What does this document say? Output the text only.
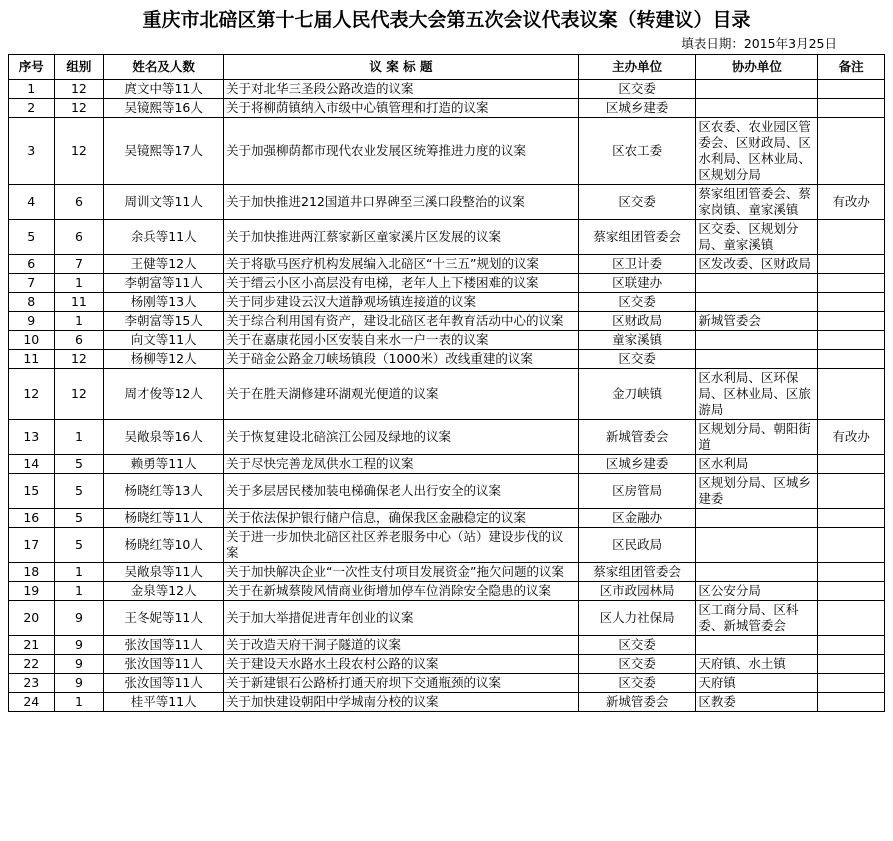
重庆市北碚区第十七届人民代表大会第五次会议代表议案（转建议）目录
填表日期：2015年3月25日
序号	组别	姓名及人数	议 案 标 题	主办单位	协办单位	备注
1	12	庹文中等11人	关于对北华三圣段公路改造的议案	区交委		
2	12	吴镜熙等16人	关于将柳荫镇纳入市级中心镇管理和打造的议案	区城乡建委		
3	12	吴镜熙等17人	关于加强柳荫都市现代农业发展区统筹推进力度的议案	区农工委	区农委、农业园区管委会、区财政局、区水利局、区林业局、区规划分局	
4	6	周训文等11人	关于加快推进212国道井口界碑至三溪口段整治的议案	区交委	蔡家组团管委会、蔡家岗镇、童家溪镇	有改办
5	6	余兵等11人	关于加快推进两江蔡家新区童家溪片区发展的议案	蔡家组团管委会	区交委、区规划分局、童家溪镇	
6	7	王健等12人	关于将歇马医疗机构发展编入北碚区“十三五”规划的议案	区卫计委	区发改委、区财政局	
7	1	李朝富等11人	关于缙云小区小高层没有电梯，老年人上下楼困难的议案	区联建办		
8	11	杨刚等13人	关于同步建设云汉大道静观场镇连接道的议案	区交委		
9	1	李朝富等15人	关于综合利用国有资产，建设北碚区老年教育活动中心的议案	区财政局	新城管委会	
10	6	向文等11人	关于在嘉康花园小区安装自来水一户一表的议案	童家溪镇		
11	12	杨柳等12人	关于碚金公路金刀峡场镇段（1000米）改线重建的议案	区交委		
12	12	周才俊等12人	关于在胜天湖修建环湖观光便道的议案	金刀峡镇	区水利局、区环保局、区林业局、区旅游局	
13	1	吴敞泉等16人	关于恢复建设北碚滨江公园及绿地的议案	新城管委会	区规划分局、朝阳街道	有改办
14	5	赖勇等11人	关于尽快完善龙凤供水工程的议案	区城乡建委	区水利局	
15	5	杨晓红等13人	关于多层居民楼加装电梯确保老人出行安全的议案	区房管局	区规划分局、区城乡建委	
16	5	杨晓红等11人	关于依法保护银行储户信息，确保我区金融稳定的议案	区金融办		
17	5	杨晓红等10人	关于进一步加快北碚区社区养老服务中心（站）建设步伐的议案	区民政局		
18	1	吴敞泉等11人	关于加快解决企业“一次性支付项目发展资金”拖欠问题的议案	蔡家组团管委会		
19	1	金泉等12人	关于在新城蔡陵风情商业街增加停车位消除安全隐患的议案	区市政园林局	区公安分局	
20	9	王冬妮等11人	关于加大举措促进青年创业的议案	区人力社保局	区工商分局、区科委、新城管委会	
21	9	张汝国等11人	关于改造天府干洞子隧道的议案	区交委		
22	9	张汝国等11人	关于建设天水路水土段农村公路的议案	区交委	天府镇、水土镇	
23	9	张汝国等11人	关于新建银石公路桥打通天府坝下交通瓶颈的议案	区交委	天府镇	
24	1	桂平等11人	关于加快建设朝阳中学城南分校的议案	新城管委会	区教委	
